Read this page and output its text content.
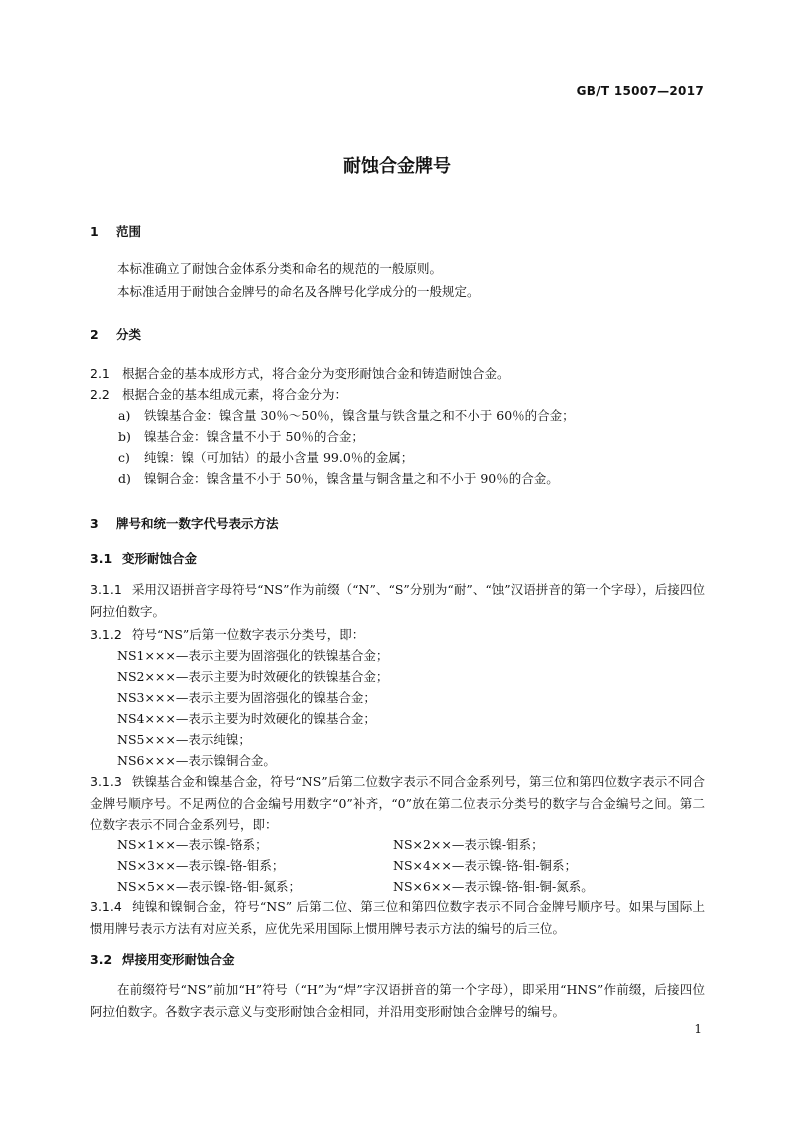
GB/T 15007—2017
耐蚀合金牌号
1 范围
本标准确立了耐蚀合金体系分类和命名的规范的一般原则。
本标准适用于耐蚀合金牌号的命名及各牌号化学成分的一般规定。
2 分类
2.1 根据合金的基本成形方式，将合金分为变形耐蚀合金和铸造耐蚀合金。
2.2 根据合金的基本组成元素，将合金分为：
a) 铁镍基合金：镍含量 30％～50％，镍含量与铁含量之和不小于 60％的合金；
b) 镍基合金：镍含量不小于 50％的合金；
c) 纯镍：镍（可加钴）的最小含量 99.0％的金属；
d) 镍铜合金：镍含量不小于 50％，镍含量与铜含量之和不小于 90％的合金。
3 牌号和统一数字代号表示方法
3.1 变形耐蚀合金
3.1.1 采用汉语拼音字母符号“NS”作为前缀（“N”、“S”分别为“耐”、“蚀”汉语拼音的第一个字母），后接四位阿拉伯数字。
3.1.2 符号“NS”后第一位数字表示分类号，即：
NS1×××—表示主要为固溶强化的铁镍基合金；
NS2×××—表示主要为时效硬化的铁镍基合金；
NS3×××—表示主要为固溶强化的镍基合金；
NS4×××—表示主要为时效硬化的镍基合金；
NS5×××—表示纯镍；
NS6×××—表示镍铜合金。
3.1.3 铁镍基合金和镍基合金，符号“NS”后第二位数字表示不同合金系列号，第三位和第四位数字表示不同合金牌号顺序号。不足两位的合金编号用数字“0”补齐，“0”放在第二位表示分类号的数字与合金编号之间。第二位数字表示不同合金系列号，即：
NS×1××—表示镍-铬系；	NS×2××—表示镍-钼系；
NS×3××—表示镍-铬-钼系；	NS×4××—表示镍-铬-钼-铜系；
NS×5××—表示镍-铬-钼-氮系；	NS×6××—表示镍-铬-钼-铜-氮系。
3.1.4 纯镍和镍铜合金，符号“NS” 后第二位、第三位和第四位数字表示不同合金牌号顺序号。如果与国际上惯用牌号表示方法有对应关系，应优先采用国际上惯用牌号表示方法的编号的后三位。
3.2 焊接用变形耐蚀合金
在前缀符号“NS”前加“H”符号（“H”为“焊”字汉语拼音的第一个字母），即采用“HNS”作前缀，后接四位阿拉伯数字。各数字表示意义与变形耐蚀合金相同，并沿用变形耐蚀合金牌号的编号。
1
